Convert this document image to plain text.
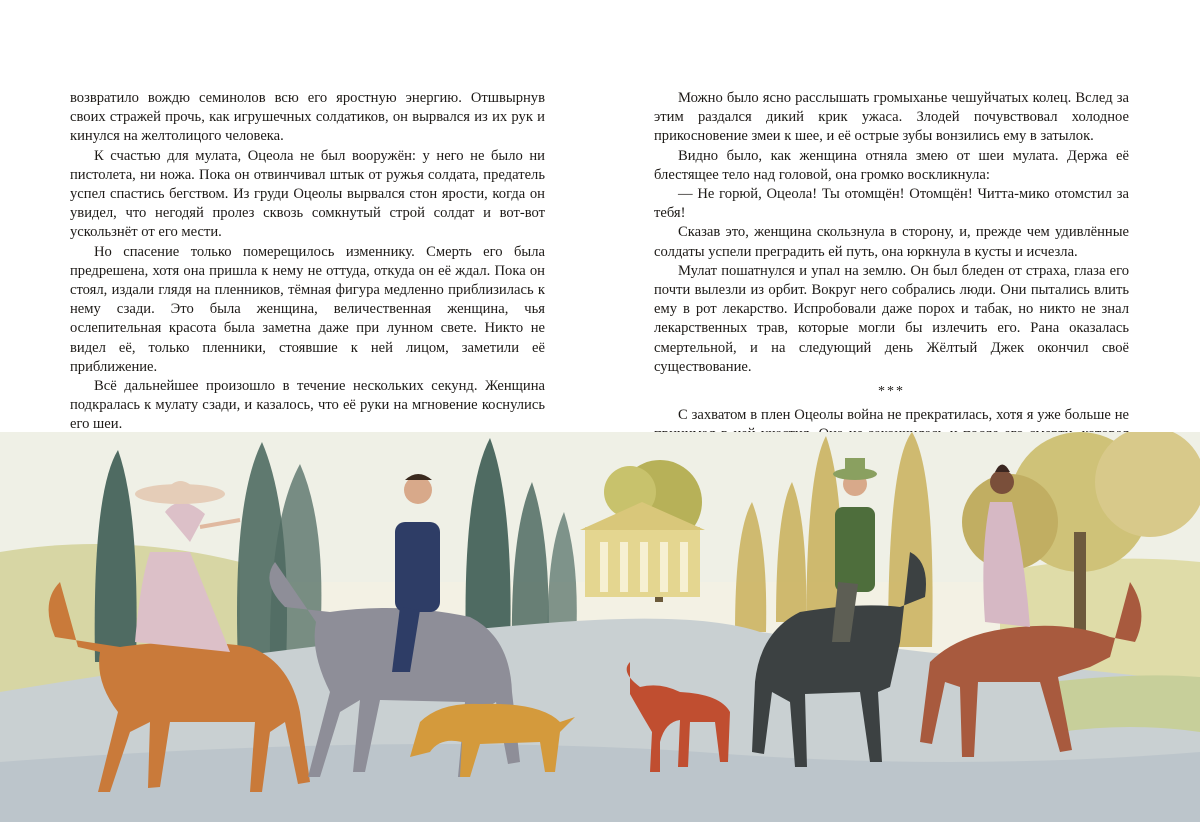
возвратило вождю семинолов всю его яростную энергию. Отшвырнув своих стражей прочь, как игрушечных солдатиков, он вырвался из их рук и кинулся на желтолицого человека.

К счастью для мулата, Оцеола не был вооружён: у него не было ни пистолета, ни ножа. Пока он отвинчивал штык от ружья солдата, предатель успел спастись бегством. Из груди Оцеолы вырвался стон ярости, когда он увидел, что негодяй пролез сквозь сомкнутый строй солдат и вот-вот ускользнёт от его мести.

Но спасение только померещилось изменнику. Смерть его была предрешена, хотя она пришла к нему не оттуда, откуда он её ждал. Пока он стоял, издали глядя на пленников, тёмная фигура медленно приблизилась к нему сзади. Это была женщина, величественная женщина, чья ослепительная красота была заметна даже при лунном свете. Никто не видел её, только пленники, стоявшие к ней лицом, заметили её приближение.

Всё дальнейшее произошло в течение нескольких секунд. Женщина подкралась к мулату сзади, и казалось, что её руки на мгновение коснулись его шеи.

Можно было ясно расслышать громыханье чешуйчатых колец. Вслед за этим раздался дикий крик ужаса. Злодей почувствовал холодное прикосновение змеи к шее, и её острые зубы вонзились ему в затылок.

Видно было, как женщина отняла змею от шеи мулата. Держа её блестящее тело над головой, она громко воскликнула:

— Не горюй, Оцеола! Ты отомщён! Отомщён! Читта-мико отомстил за тебя!

Сказав это, женщина скользнула в сторону, и, прежде чем удивлённые солдаты успели преградить ей путь, она юркнула в кусты и исчезла.

Мулат пошатнулся и упал на землю. Он был бледен от страха, глаза его почти вылезли из орбит. Вокруг него собрались люди. Они пытались влить ему в рот лекарство. Испробовали даже порох и табак, но никто не знал лекарственных трав, которые могли бы излечить его. Рана оказалась смертельной, и на следующий день Жёлтый Джек окончил своё существование.

***

С захватом в плен Оцеолы война не прекратилась, хотя я уже больше не
